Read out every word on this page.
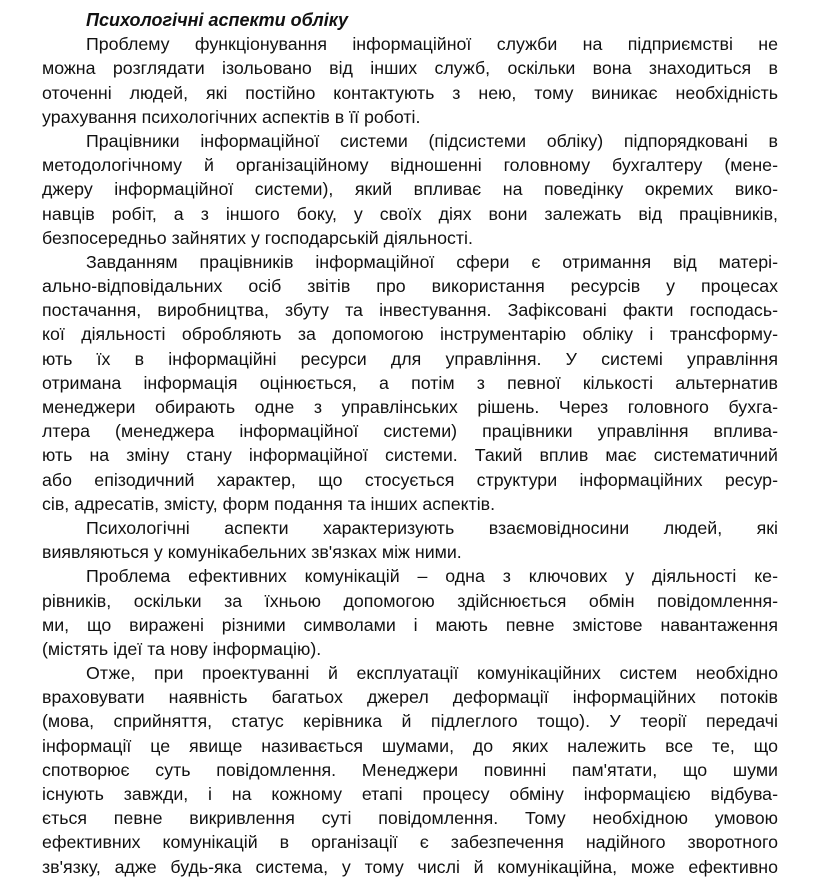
Психологічні аспекти обліку

Проблему функціонування інформаційної служби на підприємстві не
можна розглядати ізольовано від інших служб, оскільки вона знаходиться в
оточенні людей, які постійно контактують з нею, тому виникає необхідність
урахування психологічних аспектів в її роботі.

Працівники інформаційної системи (підсистеми обліку) підпорядковані в
методологічному й організаційному відношенні головному бухгалтеру (мене-
джеру інформаційної системи), який впливає на поведінку окремих вико-
навців робіт, а з іншого боку, у своїх діях вони залежать від працівників,
безпосередньо зайнятих у господарській діяльності.

Завданням працівників інформаційної сфери є отримання від матері-
ально-відповідальних осіб звітів про використання ресурсів у процесах
постачання, виробництва, збуту та інвестування. Зафіксовані факти господась-
кої діяльності обробляють за допомогою інструментарію обліку і трансформу-
ють їх в інформаційні ресурси для управління. У системі управління
отримана інформація оцінюється, а потім з певної кількості альтернатив
менеджери обирають одне з управлінських рішень. Через головного бухга-
лтера (менеджера інформаційної системи) працівники управління вплива-
ють на зміну стану інформаційної системи. Такий вплив має систематичний
або епізодичний характер, що стосується структури інформаційних ресур-
сів, адресатів, змісту, форм подання та інших аспектів.

Психологічні аспекти характеризують взаємовідносини людей, які
виявляються у комунікабельних зв'язках між ними.

Проблема ефективних комунікацій – одна з ключових у діяльності ке-
рівників, оскільки за їхньою допомогою здійснюється обмін повідомлення-
ми, що виражені різними символами і мають певне змістове навантаження
(містять ідеї та нову інформацію).

Отже, при проектуванні й експлуатації комунікаційних систем необхідно
враховувати наявність багатьох джерел деформації інформаційних потоків
(мова, сприйняття, статус керівника й підлеглого тощо). У теорії передачі
інформації це явище називається шумами, до яких належить все те, що
спотворює суть повідомлення. Менеджери повинні пам'ятати, що шуми
існують завжди, і на кожному етапі процесу обміну інформацією відбува-
ється певне викривлення суті повідомлення. Тому необхідною умовою
ефективних комунікацій в організації є забезпечення надійного зворотного
зв'язку, адже будь-яка система, у тому числі й комунікаційна, може ефективно
